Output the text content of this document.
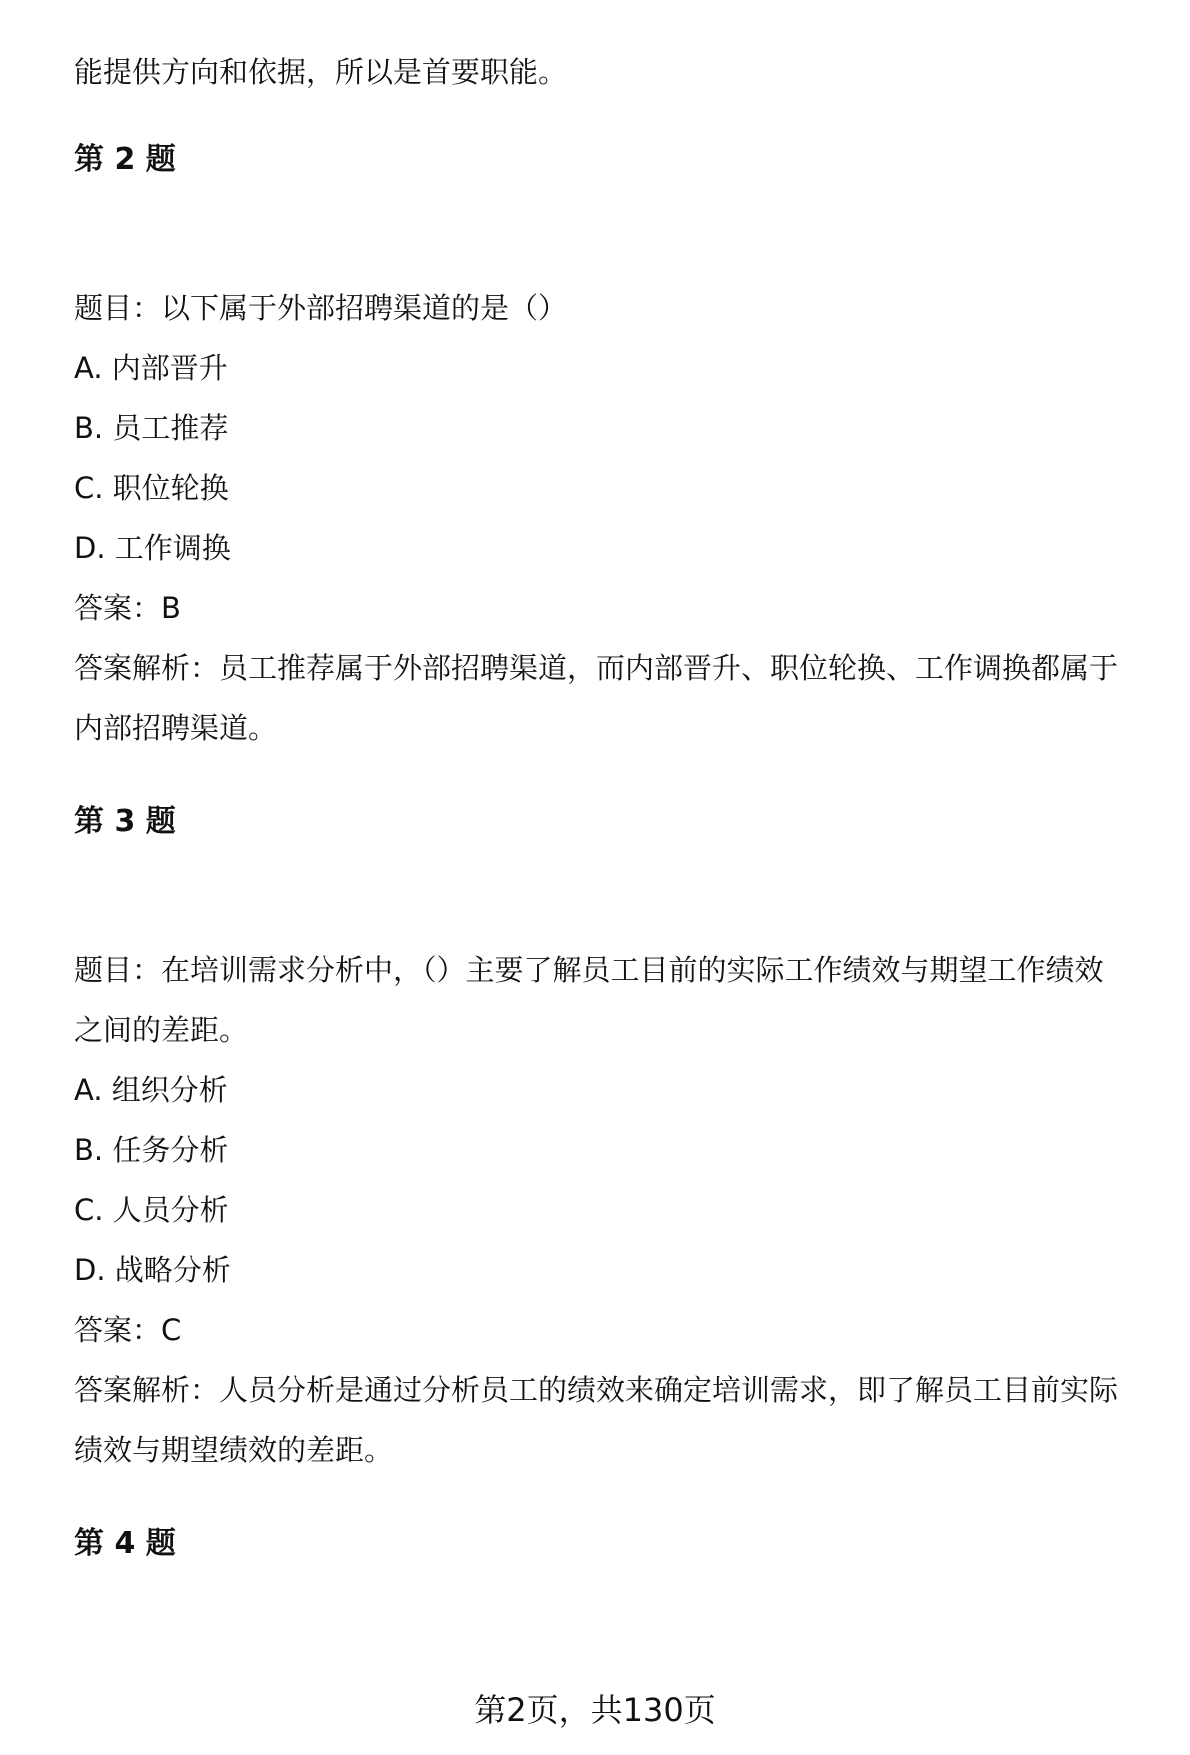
能提供方向和依据，所以是首要职能。
第 2 题
题目：以下属于外部招聘渠道的是（）
A. 内部晋升
B. 员工推荐
C. 职位轮换
D. 工作调换
答案：B
答案解析：员工推荐属于外部招聘渠道，而内部晋升、职位轮换、工作调换都属于
内部招聘渠道。
第 3 题
题目：在培训需求分析中，（）主要了解员工目前的实际工作绩效与期望工作绩效
之间的差距。
A. 组织分析
B. 任务分析
C. 人员分析
D. 战略分析
答案：C
答案解析：人员分析是通过分析员工的绩效来确定培训需求，即了解员工目前实际
绩效与期望绩效的差距。
第 4 题
第2页，共130页
